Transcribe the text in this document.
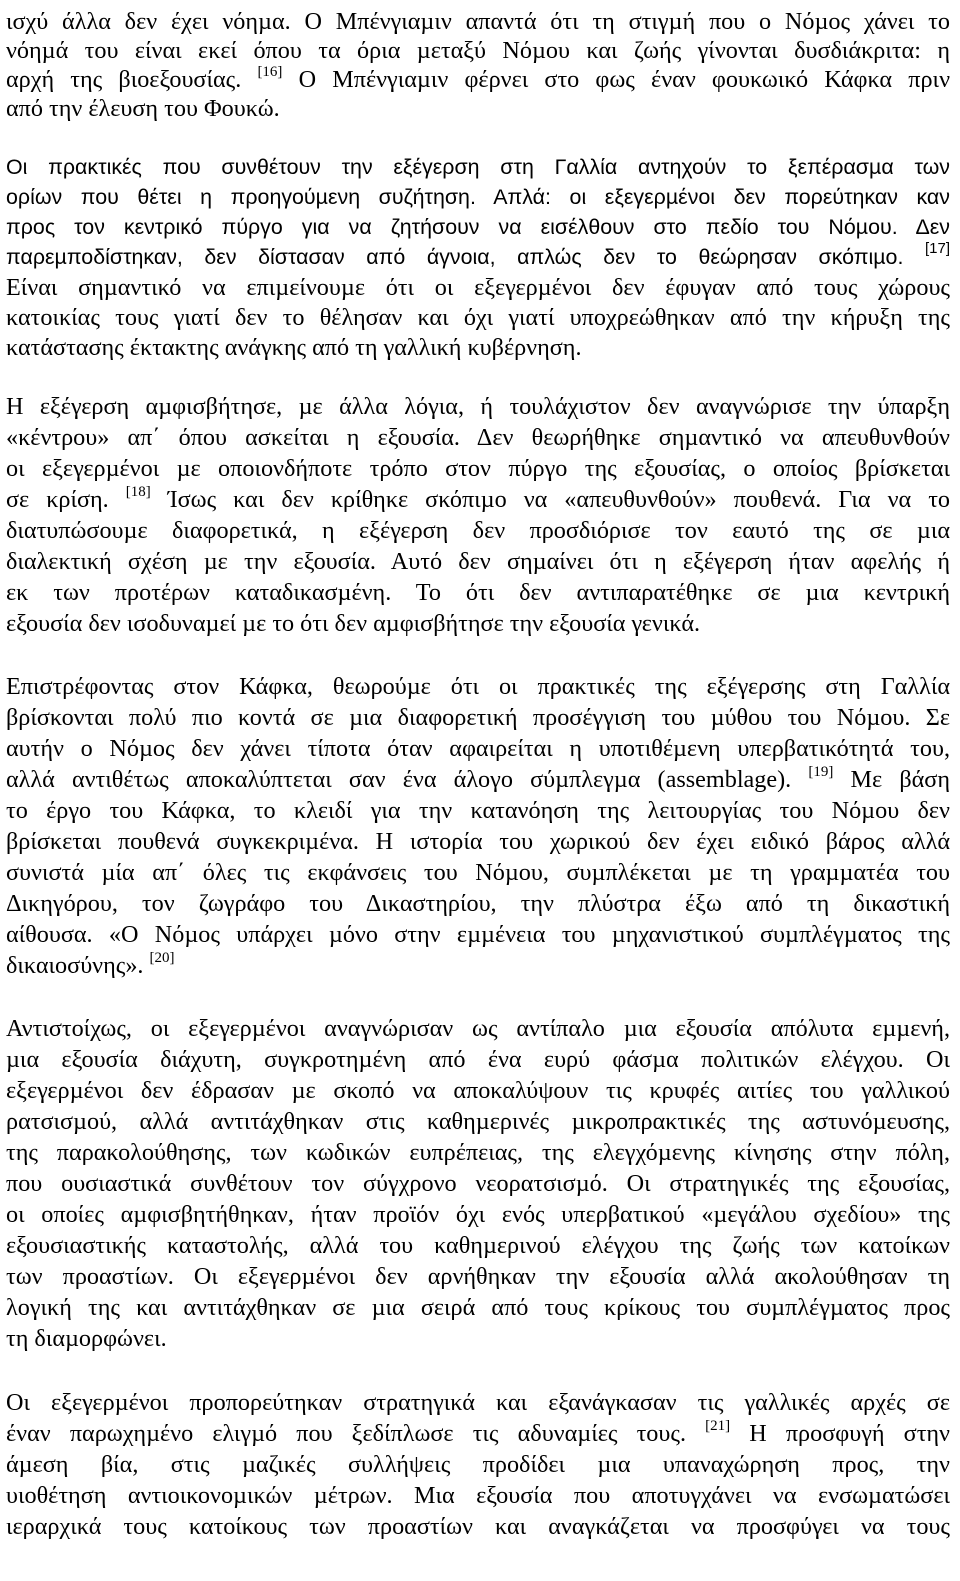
ισχύ άλλα δεν έχει νόηµα. Ο Μπένγιαµιν απαντά ότι τη στιγµή που ο Νόµος χάνει το
νόηµά του είναι εκεί όπου τα όρια µεταξύ Νόµου και ζωής γίνονται δυσδιάκριτα: η
αρχή της βιοεξουσίας. [16] Ο Μπένγιαµιν φέρνει στο φως έναν φουκωικό Κάφκα πριν
από την έλευση του Φουκώ.
Οι πρακτικές που συνθέτουν την εξέγερση στη Γαλλία αντηχούν το ξεπέρασµα των
ορίων που θέτει η προηγούµενη συζήτηση. Απλά: οι εξεγερµένοι δεν πορεύτηκαν καν
προς τον κεντρικό πύργο για να ζητήσουν να εισέλθουν στο πεδίο του Νόµου. Δεν
παρεµποδίστηκαν, δεν δίστασαν από άγνοια, απλώς δεν το θεώρησαν σκόπιµο. [17]
Είναι σηµαντικό να επιµείνουµε ότι οι εξεγερµένοι δεν έφυγαν από τους χώρους
κατοικίας τους γιατί δεν το θέλησαν και όχι γιατί υποχρεώθηκαν από την κήρυξη της
κατάστασης έκτακτης ανάγκης από τη γαλλική κυβέρνηση.
Η εξέγερση αµφισβήτησε, µε άλλα λόγια, ή τουλάχιστον δεν αναγνώρισε την ύπαρξη
«κέντρου» απ΄ όπου ασκείται η εξουσία. Δεν θεωρήθηκε σηµαντικό να απευθυνθούν
οι εξεγερµένοι µε οποιονδήποτε τρόπο στον πύργο της εξουσίας, ο οποίος βρίσκεται
σε κρίση. [18] Ίσως και δεν κρίθηκε σκόπιµο να «απευθυνθούν» πουθενά. Για να το
διατυπώσουµε διαφορετικά, η εξέγερση δεν προσδιόρισε τον εαυτό της σε µια
διαλεκτική σχέση µε την εξουσία. Αυτό δεν σηµαίνει ότι η εξέγερση ήταν αφελής ή
εκ των προτέρων καταδικασµένη. Το ότι δεν αντιπαρατέθηκε σε µια κεντρική
εξουσία δεν ισοδυναµεί µε το ότι δεν αµφισβήτησε την εξουσία γενικά.
Επιστρέφοντας στον Κάφκα, θεωρούµε ότι οι πρακτικές της εξέγερσης στη Γαλλία
βρίσκονται πολύ πιο κοντά σε µια διαφορετική προσέγγιση του µύθου του Νόµου. Σε
αυτήν ο Νόµος δεν χάνει τίποτα όταν αφαιρείται η υποτιθέµενη υπερβατικότητά του,
αλλά αντιθέτως αποκαλύπτεται σαν ένα άλογο σύµπλεγµα (assemblage). [19] Με βάση
το έργο του Κάφκα, το κλειδί για την κατανόηση της λειτουργίας του Νόµου δεν
βρίσκεται πουθενά συγκεκριµένα. Η ιστορία του χωρικού δεν έχει ειδικό βάρος αλλά
συνιστά µία απ΄ όλες τις εκφάνσεις του Νόµου, συµπλέκεται µε τη γραµµατέα του
Δικηγόρου, τον ζωγράφο του Δικαστηρίου, την πλύστρα έξω από τη δικαστική
αίθουσα. «Ο Νόµος υπάρχει µόνο στην εµµένεια του µηχανιστικού συµπλέγµατος της
δικαιοσύνης». [20]
Αντιστοίχως, οι εξεγερµένοι αναγνώρισαν ως αντίπαλο µια εξουσία απόλυτα εµµενή,
µια εξουσία διάχυτη, συγκροτηµένη από ένα ευρύ φάσµα πολιτικών ελέγχου. Οι
εξεγερµένοι δεν έδρασαν µε σκοπό να αποκαλύψουν τις κρυφές αιτίες του γαλλικού
ρατσισµού, αλλά αντιτάχθηκαν στις καθηµερινές µικροπρακτικές της αστυνόµευσης,
της παρακολούθησης, των κωδικών ευπρέπειας, της ελεγχόµενης κίνησης στην πόλη,
που ουσιαστικά συνθέτουν τον σύγχρονο νεορατσισµό. Οι στρατηγικές της εξουσίας,
οι οποίες αµφισβητήθηκαν, ήταν προϊόν όχι ενός υπερβατικού «µεγάλου σχεδίου» της
εξουσιαστικής καταστολής, αλλά του καθηµερινού ελέγχου της ζωής των κατοίκων
των προαστίων. Οι εξεγερµένοι δεν αρνήθηκαν την εξουσία αλλά ακολούθησαν τη
λογική της και αντιτάχθηκαν σε µια σειρά από τους κρίκους του συµπλέγµατος προς
τη διαµορφώνει.
Οι εξεγερµένοι προπορεύτηκαν στρατηγικά και εξανάγκασαν τις γαλλικές αρχές σε
έναν παρωχηµένο ελιγµό που ξεδίπλωσε τις αδυναµίες τους. [21] Η προσφυγή στην
άµεση βία, στις µαζικές συλλήψεις προδίδει µια υπαναχώρηση προς, την
υιοθέτηση αντιοικονοµικών µέτρων. Μια εξουσία που αποτυγχάνει να ενσωµατώσει
ιεραρχικά τους κατοίκους των προαστίων και αναγκάζεται να προσφύγει να τους
